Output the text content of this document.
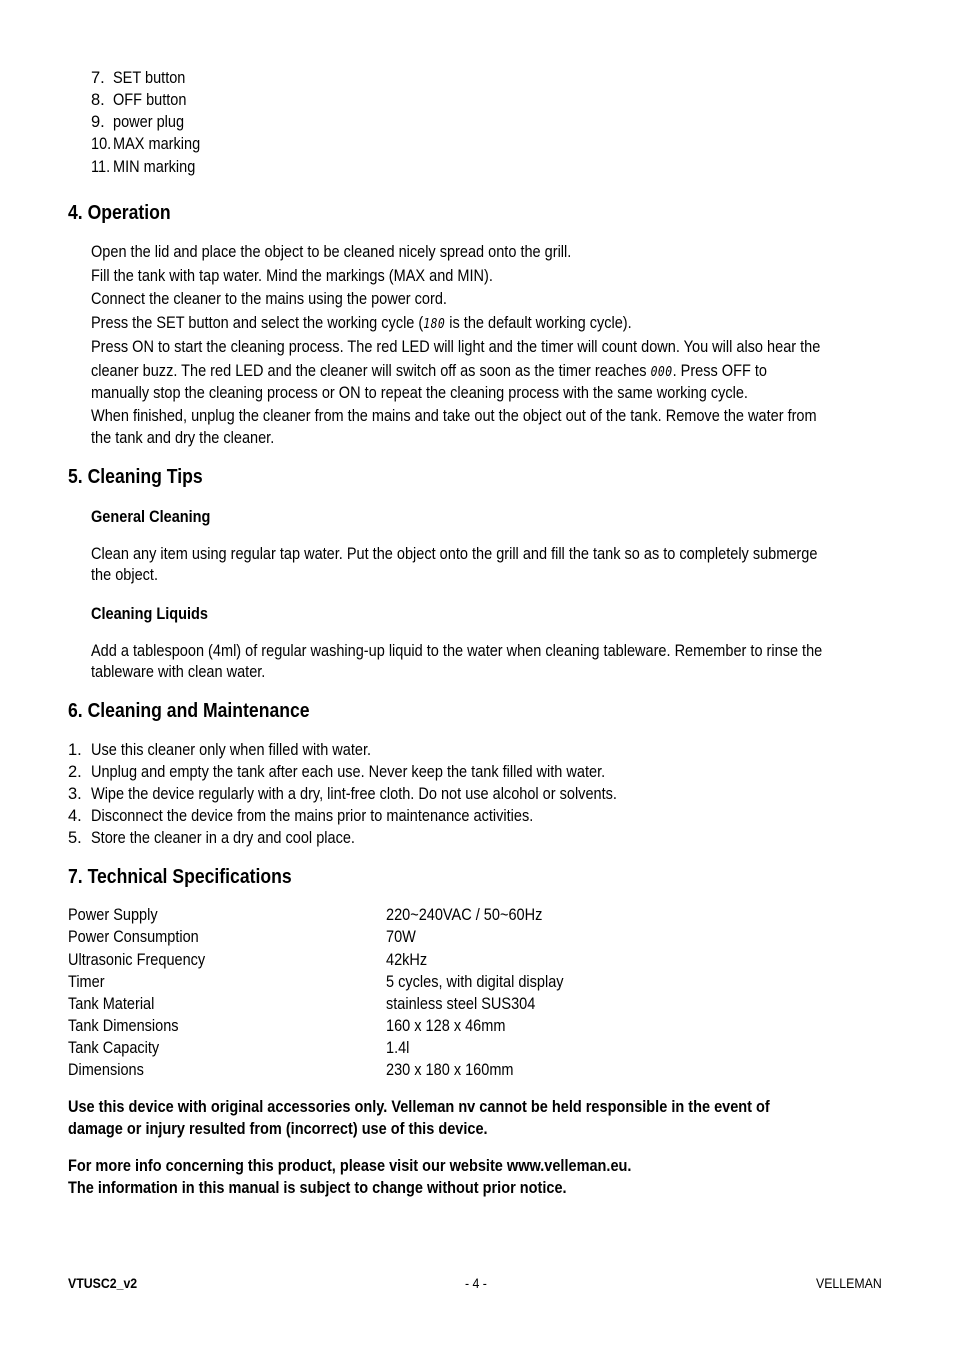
7. SET button
8. OFF button
9. power plug
10. MAX marking
11. MIN marking
4. Operation
Open the lid and place the object to be cleaned nicely spread onto the grill.
Fill the tank with tap water. Mind the markings (MAX and MIN).
Connect the cleaner to the mains using the power cord.
Press the SET button and select the working cycle (180 is the default working cycle).
Press ON to start the cleaning process. The red LED will light and the timer will count down. You will also hear the
cleaner buzz. The red LED and the cleaner will switch off as soon as the timer reaches 000. Press OFF to
manually stop the cleaning process or ON to repeat the cleaning process with the same working cycle.
When finished, unplug the cleaner from the mains and take out the object out of the tank. Remove the water from
the tank and dry the cleaner.
5. Cleaning Tips
General Cleaning
Clean any item using regular tap water. Put the object onto the grill and fill the tank so as to completely submerge
the object.
Cleaning Liquids
Add a tablespoon (4ml) of regular washing-up liquid to the water when cleaning tableware. Remember to rinse the
tableware with clean water.
6. Cleaning and Maintenance
1. Use this cleaner only when filled with water.
2. Unplug and empty the tank after each use. Never keep the tank filled with water.
3. Wipe the device regularly with a dry, lint-free cloth. Do not use alcohol or solvents.
4. Disconnect the device from the mains prior to maintenance activities.
5. Store the cleaner in a dry and cool place.
7. Technical Specifications
Power Supply	220~240VAC / 50~60Hz
Power Consumption	70W
Ultrasonic Frequency	42kHz
Timer	5 cycles, with digital display
Tank Material	stainless steel SUS304
Tank Dimensions	160 x 128 x 46mm
Tank Capacity	1.4l
Dimensions	230 x 180 x 160mm
Use this device with original accessories only. Velleman nv cannot be held responsible in the event of
damage or injury resulted from (incorrect) use of this device.
For more info concerning this product, please visit our website www.velleman.eu.
The information in this manual is subject to change without prior notice.
VTUSC2_v2	- 4 -	VELLEMAN
